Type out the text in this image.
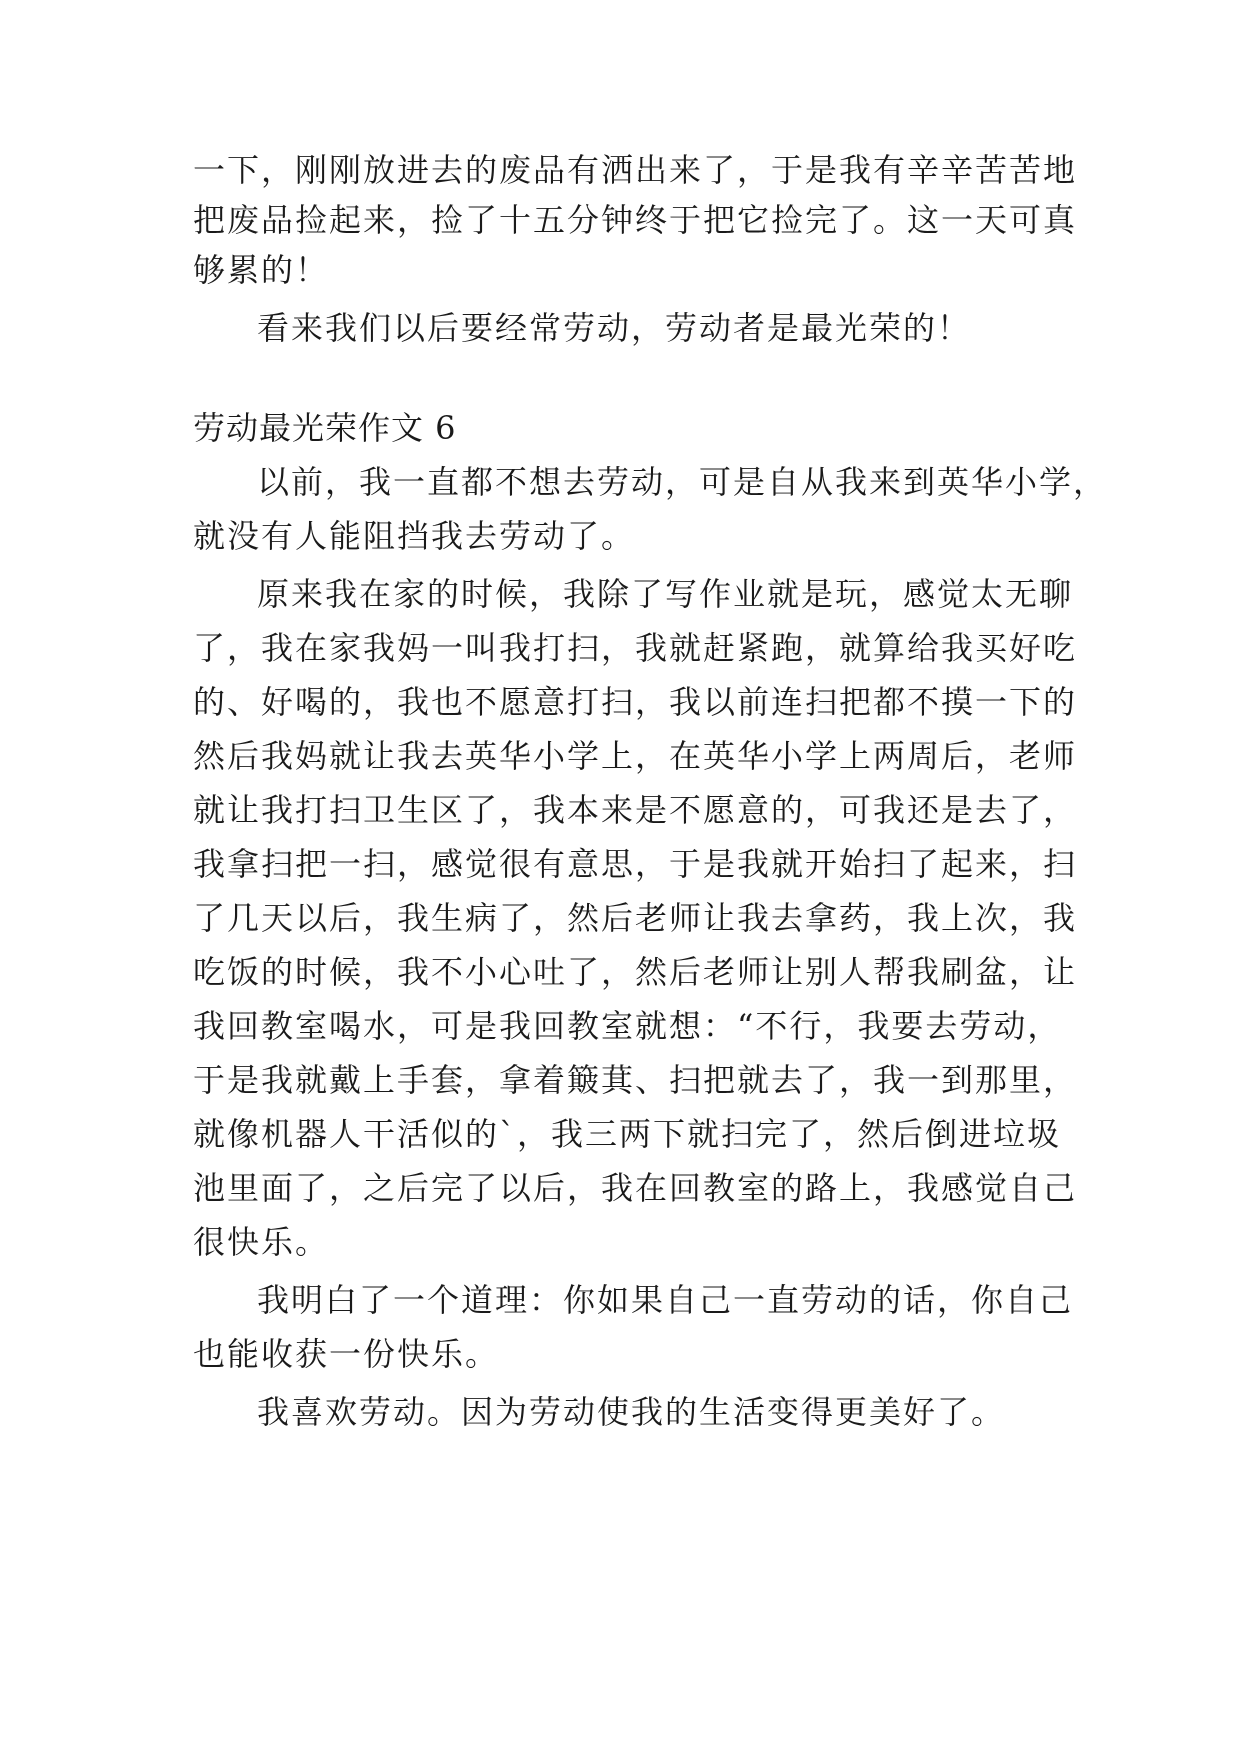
一下，刚刚放进去的废品有洒出来了，于是我有辛辛苦苦地
把废品捡起来，捡了十五分钟终于把它捡完了。这一天可真
够累的！
看来我们以后要经常劳动，劳动者是最光荣的！
劳动最光荣作文 6
以前，我一直都不想去劳动，可是自从我来到英华小学，
就没有人能阻挡我去劳动了。
原来我在家的时候，我除了写作业就是玩，感觉太无聊
了，我在家我妈一叫我打扫，我就赶紧跑，就算给我买好吃
的、好喝的，我也不愿意打扫，我以前连扫把都不摸一下的
然后我妈就让我去英华小学上，在英华小学上两周后，老师
就让我打扫卫生区了，我本来是不愿意的，可我还是去了，
我拿扫把一扫，感觉很有意思，于是我就开始扫了起来，扫
了几天以后，我生病了，然后老师让我去拿药，我上次，我
吃饭的时候，我不小心吐了，然后老师让别人帮我刷盆，让
我回教室喝水，可是我回教室就想：“不行，我要去劳动，
于是我就戴上手套，拿着簸萁、扫把就去了，我一到那里，
就像机器人干活似的`，我三两下就扫完了，然后倒进垃圾
池里面了，之后完了以后，我在回教室的路上，我感觉自己
很快乐。
我明白了一个道理：你如果自己一直劳动的话，你自己
也能收获一份快乐。
我喜欢劳动。因为劳动使我的生活变得更美好了。
